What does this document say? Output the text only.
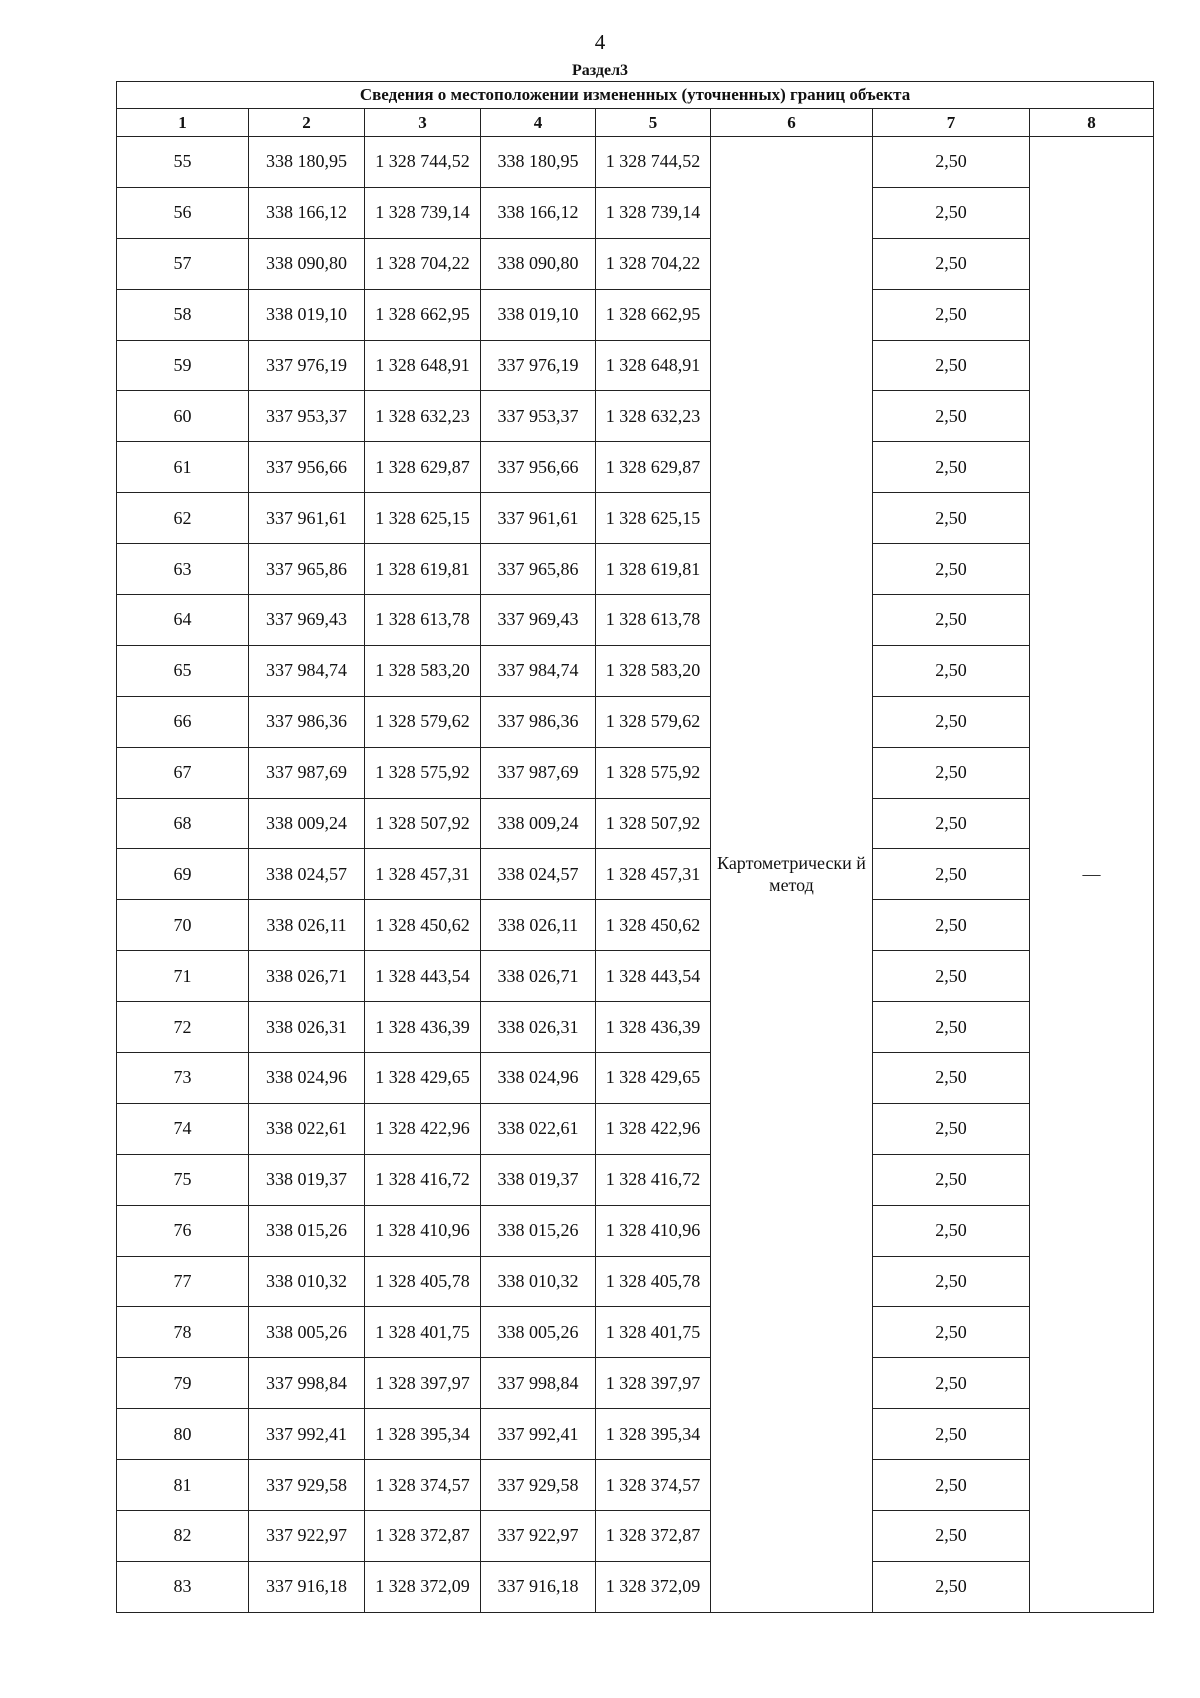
4
Раздел3
Сведения о местоположении измененных (уточненных) границ объекта							
1	2	3	4	5	6	7	8
55	338 180,95	1 328 744,52	338 180,95	1 328 744,52	Картометрически й метод	2,50	—
56	338 166,12	1 328 739,14	338 166,12	1 328 739,14		2,50	
57	338 090,80	1 328 704,22	338 090,80	1 328 704,22		2,50	
58	338 019,10	1 328 662,95	338 019,10	1 328 662,95		2,50	
59	337 976,19	1 328 648,91	337 976,19	1 328 648,91		2,50	
60	337 953,37	1 328 632,23	337 953,37	1 328 632,23		2,50	
61	337 956,66	1 328 629,87	337 956,66	1 328 629,87		2,50	
62	337 961,61	1 328 625,15	337 961,61	1 328 625,15		2,50	
63	337 965,86	1 328 619,81	337 965,86	1 328 619,81		2,50	
64	337 969,43	1 328 613,78	337 969,43	1 328 613,78		2,50	
65	337 984,74	1 328 583,20	337 984,74	1 328 583,20		2,50	
66	337 986,36	1 328 579,62	337 986,36	1 328 579,62		2,50	
67	337 987,69	1 328 575,92	337 987,69	1 328 575,92		2,50	
68	338 009,24	1 328 507,92	338 009,24	1 328 507,92		2,50	
69	338 024,57	1 328 457,31	338 024,57	1 328 457,31		2,50	
70	338 026,11	1 328 450,62	338 026,11	1 328 450,62		2,50	
71	338 026,71	1 328 443,54	338 026,71	1 328 443,54		2,50	
72	338 026,31	1 328 436,39	338 026,31	1 328 436,39		2,50	
73	338 024,96	1 328 429,65	338 024,96	1 328 429,65		2,50	
74	338 022,61	1 328 422,96	338 022,61	1 328 422,96		2,50	
75	338 019,37	1 328 416,72	338 019,37	1 328 416,72		2,50	
76	338 015,26	1 328 410,96	338 015,26	1 328 410,96		2,50	
77	338 010,32	1 328 405,78	338 010,32	1 328 405,78		2,50	
78	338 005,26	1 328 401,75	338 005,26	1 328 401,75		2,50	
79	337 998,84	1 328 397,97	337 998,84	1 328 397,97		2,50	
80	337 992,41	1 328 395,34	337 992,41	1 328 395,34		2,50	
81	337 929,58	1 328 374,57	337 929,58	1 328 374,57		2,50	
82	337 922,97	1 328 372,87	337 922,97	1 328 372,87		2,50	
83	337 916,18	1 328 372,09	337 916,18	1 328 372,09		2,50	
